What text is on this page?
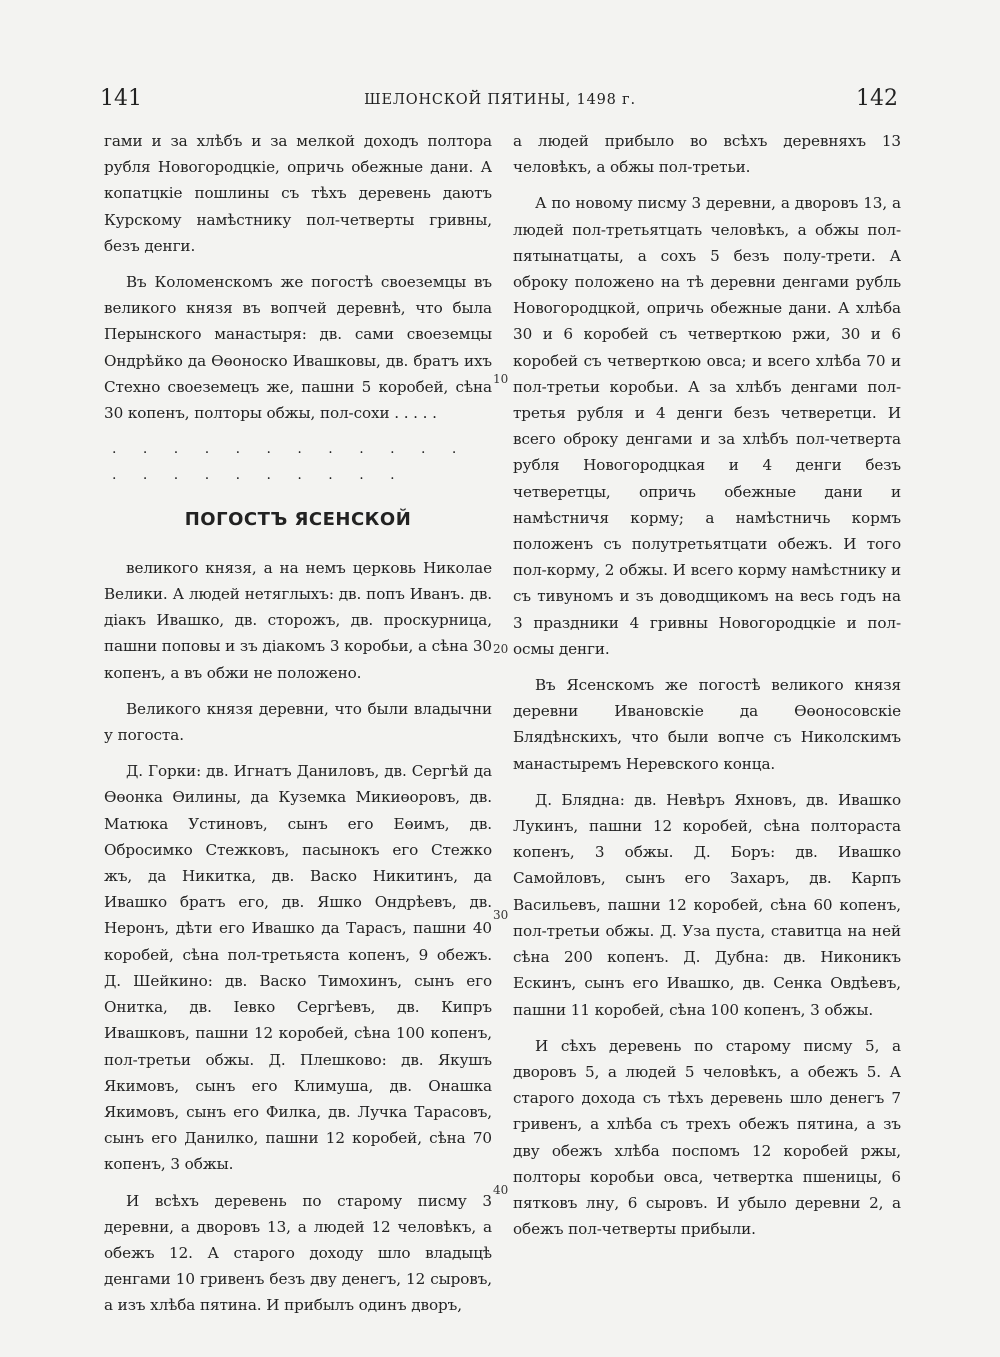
141	ШЕЛОНСКОЙ ПЯТИНЫ, 1498 г.	142

гами и за хлѣбъ и за мелкой доходъ полтора рубля Новогородцкіе, опричь обежные дани. А копатцкіе пошлины съ тѣхъ деревень даютъ Курскому намѣстнику пол-четверты гривны, безъ денги.

Въ Коломенскомъ же погостѣ своеземцы въ великого князя въ вопчей деревнѣ, что была Перынского манастыря: дв. сами своеземцы Ондрѣйко да Өөоноско Ивашковы, дв. братъ ихъ Стехно своеземецъ же, пашни 5 коробей, сѣна 30 копенъ, полторы обжы, пол-сохи . . . . .

. . . . . . . . . . . . . . . . . . . . . .
ПОГОСТЪ ЯСЕНСКОЙ

великого князя, а на немъ церковь Николае Велики. А людей нетяглыхъ: дв. попъ Иванъ. дв. діакъ Ивашко, дв. сторожъ, дв. проскурница, пашни поповы и зъ діакомъ 3 коробьи, а сѣна 30 копенъ, а въ обжи не положено.

Великого князя деревни, что были владычни у погоста.

Д. Горки: дв. Игнатъ Даниловъ, дв. Сергѣй да Өөонка Өилины, да Куземка Микиөоровъ, дв. Матюка Устиновъ, сынъ его Еөимъ, дв. Обросимко Стежковъ, пасынокъ его Стежко жъ, да Никитка, дв. Васко Никитинъ, да Ивашко братъ его, дв. Яшко Ондрѣевъ, дв. Неронъ, дѣти его Ивашко да Тарасъ, пашни 40 коробей, сѣна пол-третьяста копенъ, 9 обежъ. Д. Шейкино: дв. Васко Тимохинъ, сынъ его Онитка, дв. Іевко Сергѣевъ, дв. Кипръ Ивашковъ, пашни 12 коробей, сѣна 100 копенъ, пол-третьи обжы. Д. Плешково: дв. Якушъ Якимовъ, сынъ его Климуша, дв. Онашка Якимовъ, сынъ его Филка, дв. Лучка Тарасовъ, сынъ его Данилко, пашни 12 коробей, сѣна 70 копенъ, 3 обжы.

И всѣхъ деревень по старому писму 3 деревни, а дворовъ 13, а людей 12 человѣкъ, а обежъ 12. А старого доходу шло владыцѣ денгами 10 гривенъ безъ дву денегъ, 12 сыровъ, а изъ хлѣба пятина. И прибылъ одинъ дворъ,

10
20
30
40

а людей прибыло во всѣхъ деревняхъ 13 человѣкъ, а обжы пол-третьи.

А по новому писму 3 деревни, а дворовъ 13, а людей пол-третьятцать человѣкъ, а обжы пол-пятынатцаты, а сохъ 5 безъ полу-трети. А оброку положено на тѣ деревни денгами рубль Новогородцкой, опричь обежные дани. А хлѣба 30 и 6 коробей съ четверткою ржи, 30 и 6 коробей съ четверткою овса; и всего хлѣба 70 и пол-третьи коробьи. А за хлѣбъ денгами пол-третья рубля и 4 денги безъ четверетци. И всего оброку денгами и за хлѣбъ пол-четверта рубля Новогородцкая и 4 денги безъ четверетцы, опричь обежные дани и намѣстничя корму; а намѣстничь кормъ положенъ съ полутретьятцати обежъ. И того пол-корму, 2 обжы. И всего корму намѣстнику и съ тивуномъ и зъ доводщикомъ на весь годъ на 3 праздники 4 гривны Новогородцкіе и пол-осмы денги.

Въ Ясенскомъ же погостѣ великого князя деревни Ивановскіе да Өөоносовскіе Блядѣнскихъ, что были вопче съ Николскимъ манастыремъ Неревского конца.

Д. Блядна: дв. Невѣръ Яхновъ, дв. Ивашко Лукинъ, пашни 12 коробей, сѣна полтораста копенъ, 3 обжы. Д. Боръ: дв. Ивашко Самойловъ, сынъ его Захаръ, дв. Карпъ Васильевъ, пашни 12 коробей, сѣна 60 копенъ, пол-третьи обжы. Д. Уза пуста, ставитца на ней сѣна 200 копенъ. Д. Дубна: дв. Никоникъ Ескинъ, сынъ его Ивашко, дв. Сенка Овдѣевъ, пашни 11 коробей, сѣна 100 копенъ, 3 обжы.

И сѣхъ деревень по старому писму 5, а дворовъ 5, а людей 5 человѣкъ, а обежъ 5. А старого дохода съ тѣхъ деревень шло денегъ 7 гривенъ, а хлѣба съ трехъ обежъ пятина, а зъ дву обежъ хлѣба поспомъ 12 коробей ржы, полторы коробьи овса, четвертка пшеницы, 6 пятковъ лну, 6 сыровъ. И убыло деревни 2, а обежъ пол-четверты прибыли.
